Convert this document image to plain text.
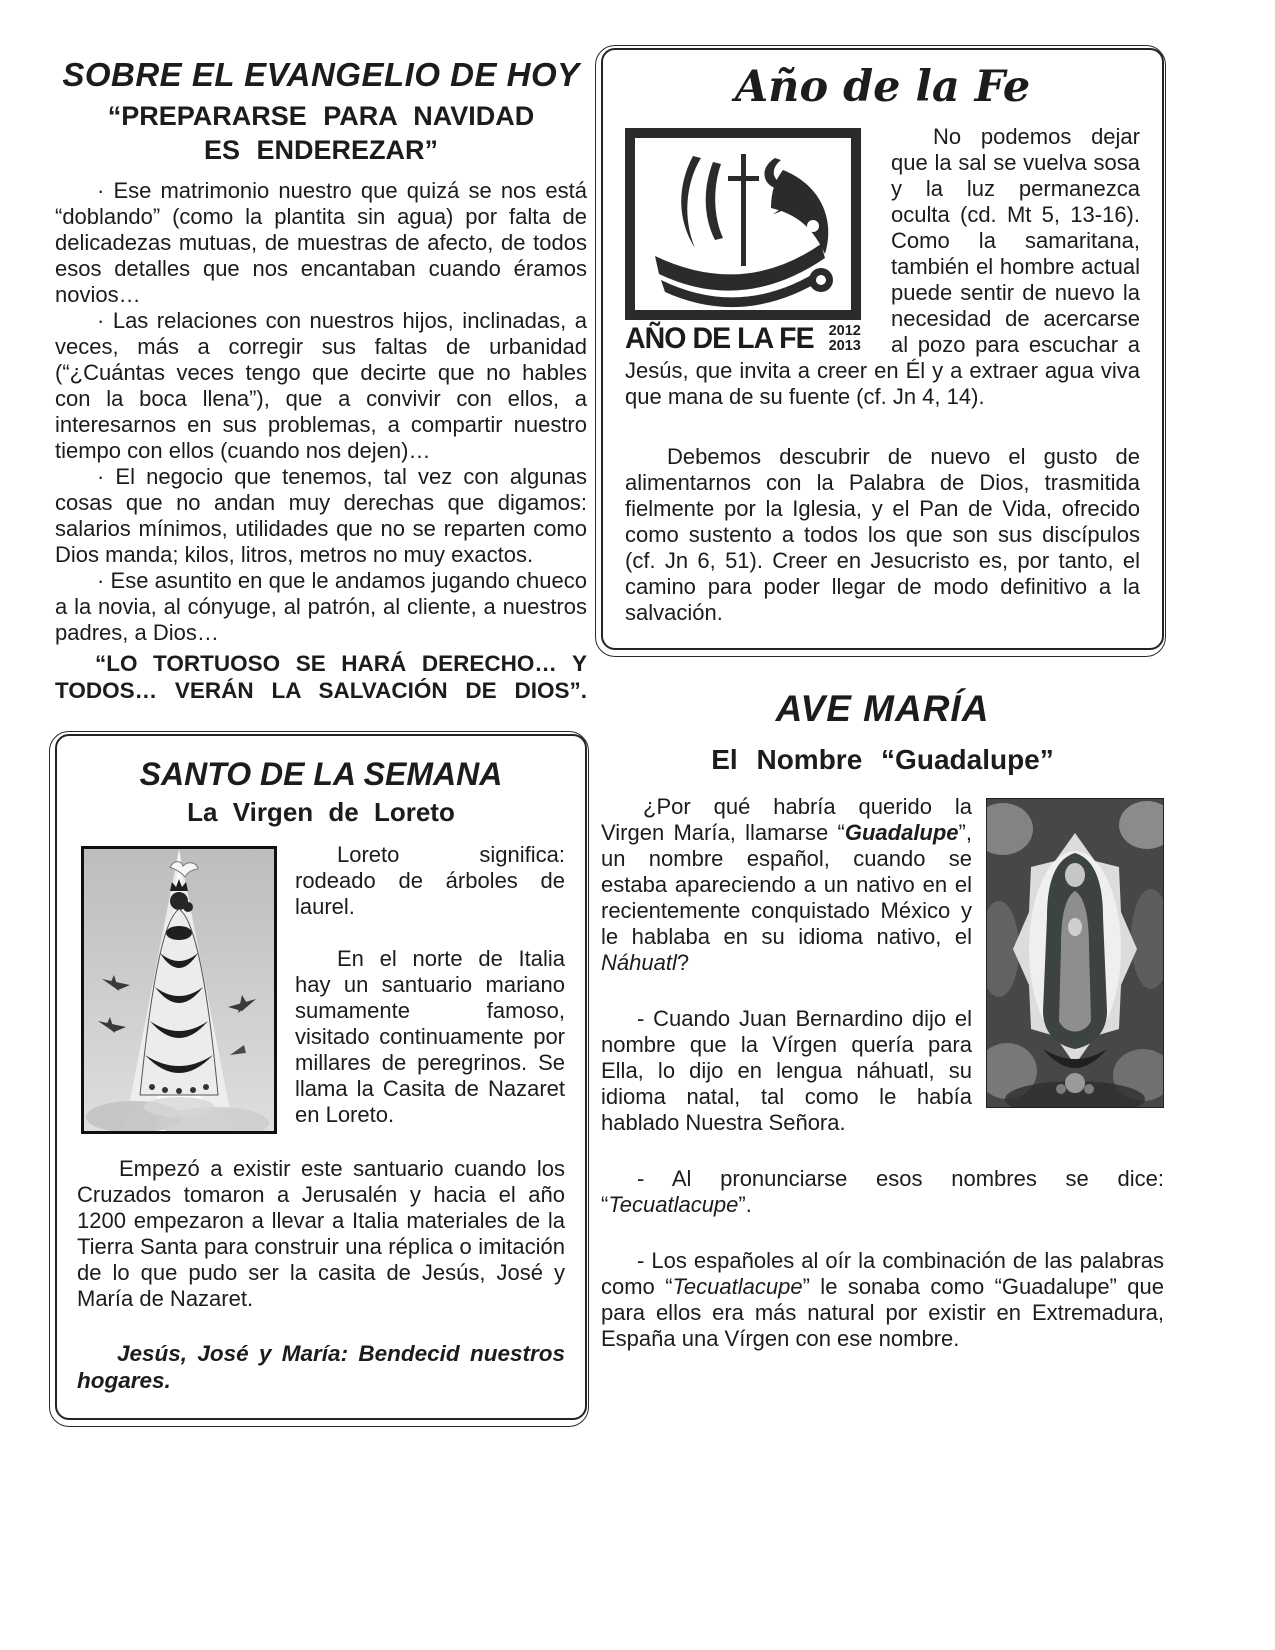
SOBRE EL EVANGELIO DE HOY
“PREPARARSE PARA NAVIDAD ES ENDEREZAR”

· Ese matrimonio nuestro que quizá se nos está “doblando” (como la plantita sin agua) por falta de delicadezas mutuas, de muestras de afecto, de todos esos detalles que nos encantaban cuando éramos novios…

· Las relaciones con nuestros hijos, inclinadas, a veces, más a corregir sus faltas de urbanidad (“¿Cuántas veces tengo que decirte que no hables con la boca llena”), que a convivir con ellos, a interesarnos en sus problemas, a compartir nuestro tiempo con ellos (cuando nos dejen)…

· El negocio que tenemos, tal vez con algunas cosas que no andan muy derechas que digamos: salarios mínimos, utilidades que no se reparten como Dios manda; kilos, litros, metros no muy exactos.

· Ese asuntito en que le andamos jugando chueco a la novia, al cónyuge, al patrón, al cliente, a nuestros padres, a Dios…

“LO TORTUOSO SE HARÁ DERECHO… Y TODOS… VERÁN LA SALVACIÓN DE DIOS”.

SANTO DE LA SEMANA
La Virgen de Loreto

Loreto significa: rodeado de árboles de laurel.

En el norte de Italia hay un santuario mariano sumamente famoso, visitado continuamente por millares de peregrinos. Se llama la Casita de Nazaret en Loreto.

Empezó a existir este santuario cuando los Cruzados tomaron a Jerusalén y hacia el año 1200 empezaron a llevar a Italia materiales de la Tierra Santa para construir una réplica o imitación de lo que pudo ser la casita de Jesús, José y María de Nazaret.

Jesús, José y María: Bendecid nuestros hogares.

Año de la Fe
AÑO DE LA FE 2012
2013

No podemos dejar que la sal se vuelva sosa y la luz permanezca oculta (cd. Mt 5, 13-16). Como la samaritana, también el hombre actual puede sentir de nuevo la necesidad de acercarse al pozo para escuchar a Jesús, que invita a creer en Él y a extraer agua viva que mana de su fuente (cf. Jn 4, 14).

Debemos descubrir de nuevo el gusto de alimentarnos con la Palabra de Dios, trasmitida fielmente por la Iglesia, y el Pan de Vida, ofrecido como sustento a todos los que son sus discípulos (cf. Jn 6, 51). Creer en Jesucristo es, por tanto, el camino para poder llegar de modo definitivo a la salvación.

AVE MARÍA
El Nombre “Guadalupe”

¿Por qué habría querido la Virgen María, llamarse “Guadalupe”, un nombre español, cuando se estaba apareciendo a un nativo en el recientemente conquistado México y le hablaba en su idioma nativo, el Náhuatl?

- Cuando Juan Bernardino dijo el nombre que la Vírgen quería para Ella, lo dijo en lengua náhuatl, su idioma natal, tal como le había hablado Nuestra Señora.

- Al pronunciarse esos nombres se dice: “Tecuatlacupe”.

- Los españoles al oír la combinación de las palabras como “Tecuatlacupe” le sonaba como “Guadalupe” que para ellos era más natural por existir en Extremadura, España una Vírgen con ese nombre.
